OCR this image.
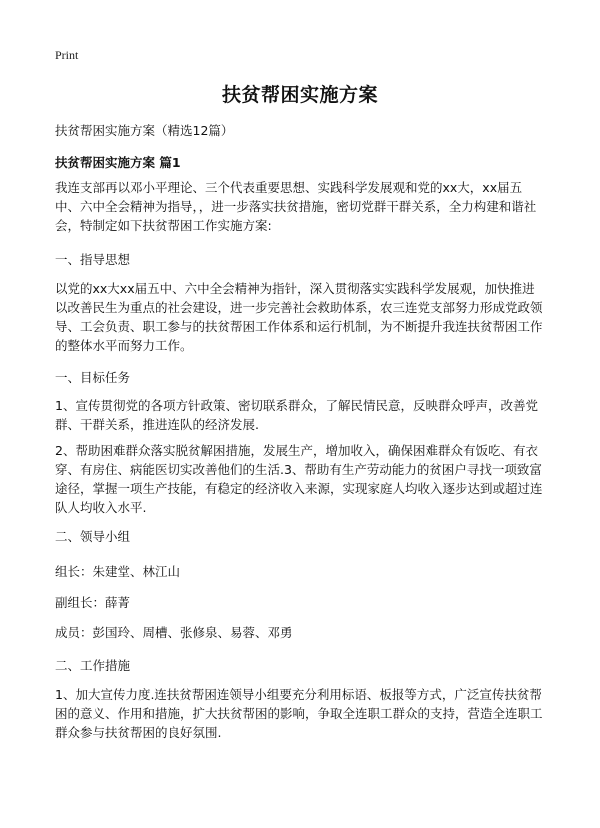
Print
扶贫帮困实施方案

扶贫帮困实施方案（精选12篇）

扶贫帮困实施方案 篇1

我连支部再以邓小平理论、三个代表重要思想、实践科学发展观和党的xx大，xx届五中、六中全会精神为指导，，进一步落实扶贫措施，密切党群干群关系，全力构建和谐社会，特制定如下扶贫帮困工作实施方案:

一、指导思想

以党的xx大xx届五中、六中全会精神为指针，深入贯彻落实实践科学发展观，加快推进以改善民生为重点的社会建设，进一步完善社会救助体系，农三连党支部努力形成党政领导、工会负责、职工参与的扶贫帮困工作体系和运行机制，为不断提升我连扶贫帮困工作的整体水平而努力工作。

一、目标任务

1、宣传贯彻党的各项方针政策、密切联系群众，了解民情民意，反映群众呼声，改善党群、干群关系，推进连队的经济发展.

2、帮助困难群众落实脱贫解困措施，发展生产，增加收入，确保困难群众有饭吃、有衣穿、有房住、病能医切实改善他们的生活.3、帮助有生产劳动能力的贫困户寻找一项致富途径，掌握一项生产技能，有稳定的经济收入来源，实现家庭人均收入逐步达到或超过连队人均收入水平.

二、领导小组

组长：朱建堂、林江山

副组长：薛菁

成员：彭国玲、周槽、张修泉、易蓉、邓勇

二、工作措施

1、加大宣传力度.连扶贫帮困连领导小组要充分利用标语、板报等方式，广泛宣传扶贫帮困的意义、作用和措施，扩大扶贫帮困的影响，争取全连职工群众的支持，营造全连职工群众参与扶贫帮困的良好氛围.
